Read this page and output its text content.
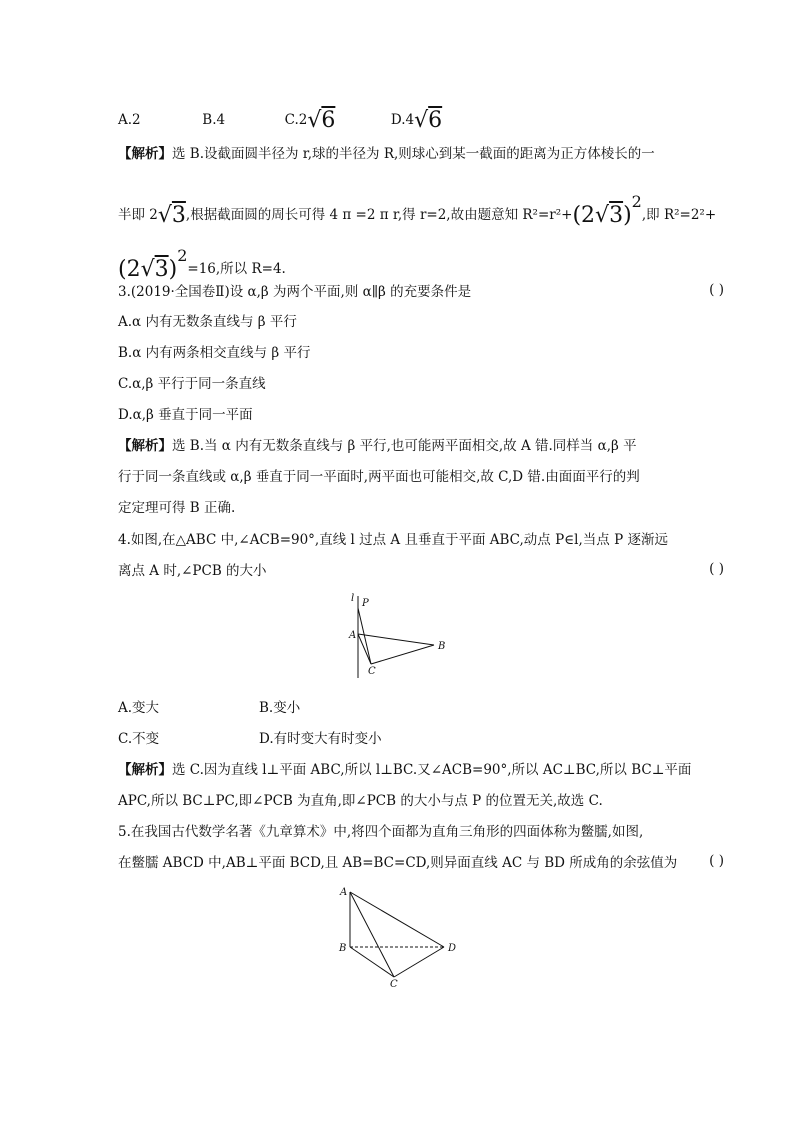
A.2	B.4	C.2√6	D.4√6
【解析】选 B.设截面圆半径为 r,球的半径为 R,则球心到某一截面的距离为正方体棱长的一
半即 2√3,根据截面圆的周长可得 4 π =2 π r,得 r=2,故由题意知 R²=r²+(2√3)2,即 R²=2²+
(2√3)2=16,所以 R=4.
3.(2019·全国卷Ⅱ)设 α,β 为两个平面,则 α∥β 的充要条件是	( )
A.α 内有无数条直线与 β 平行
B.α 内有两条相交直线与 β 平行
C.α,β 平行于同一条直线
D.α,β 垂直于同一平面
【解析】选 B.当 α 内有无数条直线与 β 平行,也可能两平面相交,故 A 错.同样当 α,β 平
行于同一条直线或 α,β 垂直于同一平面时,两平面也可能相交,故 C,D 错.由面面平行的判
定定理可得 B 正确.
4.如图,在△ABC 中,∠ACB=90°,直线 l 过点 A 且垂直于平面 ABC,动点 P∈l,当点 P 逐渐远
离点 A 时,∠PCB 的大小	( )
l P
A
B
C
A.变大	B.变小
C.不变	D.有时变大有时变小
【解析】选 C.因为直线 l⊥平面 ABC,所以 l⊥BC.又∠ACB=90°,所以 AC⊥BC,所以 BC⊥平面
APC,所以 BC⊥PC,即∠PCB 为直角,即∠PCB 的大小与点 P 的位置无关,故选 C.
5.在我国古代数学名著《九章算术》中,将四个面都为直角三角形的四面体称为鳖臑,如图,
在鳖臑 ABCD 中,AB⊥平面 BCD,且 AB=BC=CD,则异面直线 AC 与 BD 所成角的余弦值为 ( )
A
B
C
D
